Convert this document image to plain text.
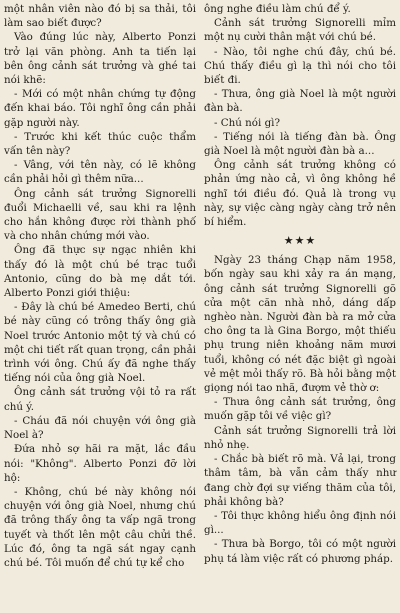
một nhân viên nào đó bị sa thải, tôi làm sao biết được?

Vào đúng lúc này, Alberto Ponzi trở lại văn phòng. Anh ta tiến lại bên ông cảnh sát trưởng và ghé tai nói khẽ:

- Mới có một nhân chứng tự động đến khai báo. Tôi nghĩ ông cần phải gặp người này.

- Trước khi kết thúc cuộc thẩm vấn tên này?

- Vâng, với tên này, có lẽ không cần phải hỏi gì thêm nữa...

Ông cảnh sát trưởng Signorelli đuổi Michaelli về, sau khi ra lệnh cho hắn không được rời thành phố và cho nhân chứng mới vào.

Ông đã thực sự ngạc nhiên khi thấy đó là một chú bé trạc tuổi Antonio, cũng do bà mẹ dắt tới. Alberto Ponzi giới thiệu:

- Đây là chú bé Amedeo Berti, chú bé này cũng có trông thấy ông già Noel trước Antonio một tý và chú có một chi tiết rất quan trọng, cần phải trình với ông. Chú ấy đã nghe thấy tiếng nói của ông già Noel.

Ông cảnh sát trưởng vội tỏ ra rất chú ý.

- Cháu đã nói chuyện với ông già Noel à?

Đứa nhỏ sợ hãi ra mặt, lắc đầu nói: "Không". Alberto Ponzi đỡ lời hộ:

- Không, chú bé này không nói chuyện với ông già Noel, nhưng chú đã trông thấy ông ta vấp ngã trong tuyết và thốt lên một câu chửi thề. Lúc đó, ông ta ngã sát ngay cạnh chú bé. Tôi muốn để chú tự kể cho

ông nghe điều làm chú để ý.

Cảnh sát trưởng Signorelli mỉm một nụ cười thân mật với chú bé.

- Nào, tôi nghe chú đây, chú bé. Chú thấy điều gì lạ thì nói cho tôi biết đi.

- Thưa, ông già Noel là một người đàn bà.

- Chú nói gì?

- Tiếng nói là tiếng đàn bà. Ông già Noel là một người đàn bà a...

Ông cảnh sát trưởng không có phản ứng nào cả, vì ông không hề nghĩ tới điều đó. Quả là trong vụ này, sự việc càng ngày càng trở nên bí hiểm.

★★★

Ngày 23 tháng Chạp năm 1958, bốn ngày sau khi xảy ra án mạng, ông cảnh sát trưởng Signorelli gõ cửa một căn nhà nhỏ, dáng dấp nghèo nàn. Người đàn bà ra mở cửa cho ông ta là Gina Borgo, một thiếu phụ trung niên khoảng năm mươi tuổi, không có nét đặc biệt gì ngoài vẻ mệt mỏi thấy rõ. Bà hỏi bằng một giọng nói tao nhã, đượm vẻ thờ ơ:

- Thưa ông cảnh sát trưởng, ông muốn gặp tôi về việc gì?

Cảnh sát trưởng Signorelli trả lời nhỏ nhẹ.

- Chắc bà biết rõ mà. Vả lại, trong thâm tâm, bà vẫn cảm thấy như đang chờ đợi sự viếng thăm của tôi, phải không bà?

- Tôi thực không hiểu ông định nói gì...

- Thưa bà Borgo, tôi có một người phụ tá làm việc rất có phương pháp.
